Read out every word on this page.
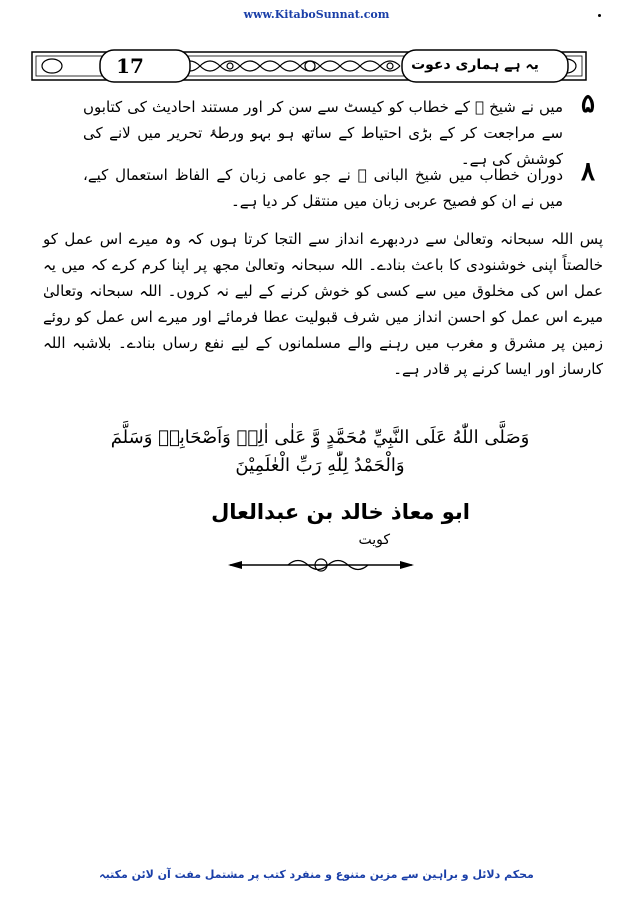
www.KitaboSunnat.com
17	یہ ہے ہماری دعوت
۵
میں نے شیخ ﷫ کے خطاب کو کیسٹ سے سن کر اور مستند احادیث کی کتابوں سے مراجعت کر کے بڑی احتیاط کے ساتھ ہو بہو ورطۂ تحریر میں لانے کی کوشش کی ہے۔ ۸
دوران خطاب میں شیخ البانی ﷫ نے جو عامی زبان کے الفاظ استعمال کیے، میں نے ان کو فصیح عربی زبان میں منتقل کر دیا ہے۔
پس اللہ سبحانہ وتعالیٰ سے دردبھرے انداز سے التجا کرتا ہوں کہ وہ میرے اس عمل کو خالصتاً اپنی خوشنودی کا باعث بنادے۔ اللہ سبحانہ وتعالیٰ مجھ پر اپنا کرم کرے کہ میں یہ عمل اس کی مخلوق میں سے کسی کو خوش کرنے کے لیے نہ کروں۔ اللہ سبحانہ وتعالیٰ میرے اس عمل کو احسن انداز میں شرف قبولیت عطا فرمائے اور میرے اس عمل کو روئے زمین پر مشرق و مغرب میں رہنے والے مسلمانوں کے لیے نفع رساں بنادے۔ بلاشبہ اللہ کارساز اور ایسا کرنے پر قادر ہے۔
وَصَلَّى اللّٰهُ عَلَى النَّبِيِّ مُحَمَّدٍ وَّ عَلٰى اٰلِهٖ وَاَصْحَابِهٖ وَسَلَّمَ
وَالْحَمْدُ لِلّٰهِ رَبِّ الْعٰلَمِيْنَ
ابو معاذ خالد بن عبدالعال
کویت
محکم دلائل و براہین سے مزین متنوع و منفرد کتب پر مشتمل مفت آن لائن مکتبہ
